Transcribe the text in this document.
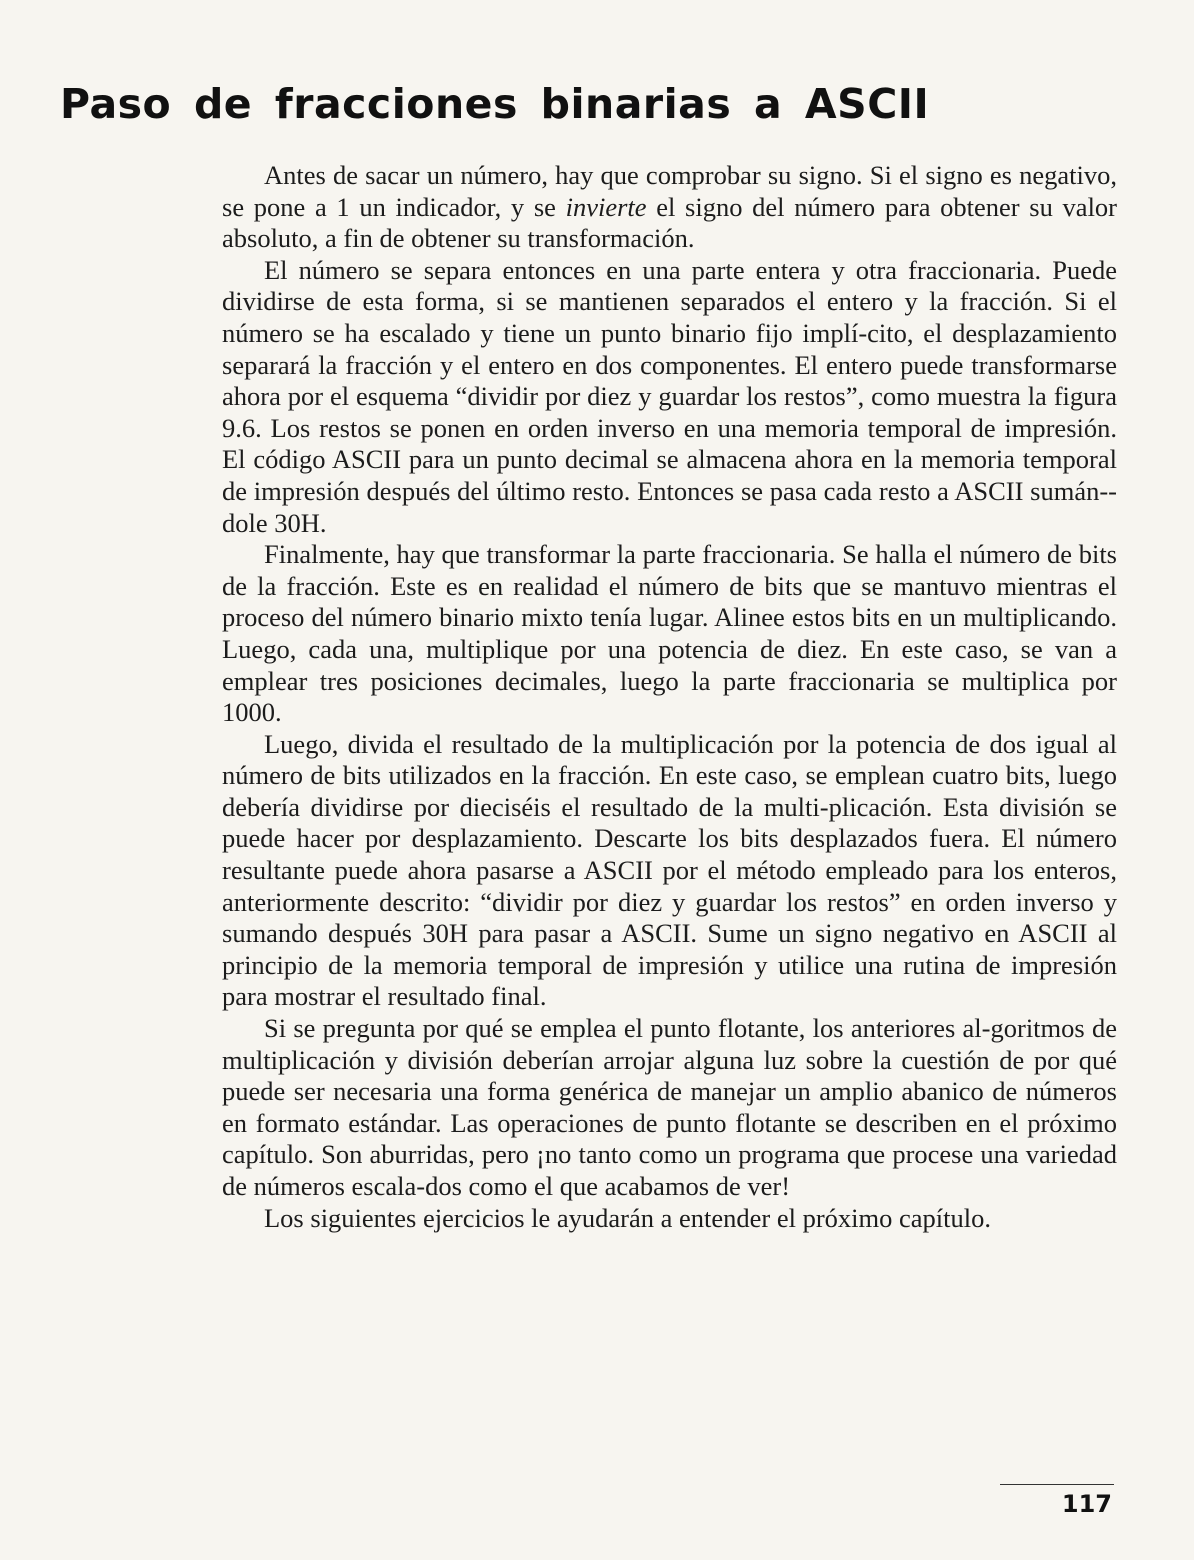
Paso de fracciones binarias a ASCII

Antes de sacar un número, hay que comprobar su signo. Si el signo es negativo, se pone a 1 un indicador, y se invierte el signo del número para obtener su valor absoluto, a fin de obtener su transformación.

El número se separa entonces en una parte entera y otra fraccionaria. Puede dividirse de esta forma, si se mantienen separados el entero y la fracción. Si el número se ha escalado y tiene un punto binario fijo implí-cito, el desplazamiento separará la fracción y el entero en dos componentes. El entero puede transformarse ahora por el esquema “dividir por diez y guardar los restos”, como muestra la figura 9.6. Los restos se ponen en orden inverso en una memoria temporal de impresión. El código ASCII para un punto decimal se almacena ahora en la memoria temporal de impresión después del último resto. Entonces se pasa cada resto a ASCII sumán-dole 30H.

Finalmente, hay que transformar la parte fraccionaria. Se halla el número de bits de la fracción. Este es en realidad el número de bits que se mantuvo mientras el proceso del número binario mixto tenía lugar. Alinee estos bits en un multiplicando. Luego, cada una, multiplique por una potencia de diez. En este caso, se van a emplear tres posiciones decimales, luego la parte fraccionaria se multiplica por 1000.

Luego, divida el resultado de la multiplicación por la potencia de dos igual al número de bits utilizados en la fracción. En este caso, se emplean cuatro bits, luego debería dividirse por dieciséis el resultado de la multi-plicación. Esta división se puede hacer por desplazamiento. Descarte los bits desplazados fuera. El número resultante puede ahora pasarse a ASCII por el método empleado para los enteros, anteriormente descrito: “dividir por diez y guardar los restos” en orden inverso y sumando después 30H para pasar a ASCII. Sume un signo negativo en ASCII al principio de la memoria temporal de impresión y utilice una rutina de impresión para mostrar el resultado final.

Si se pregunta por qué se emplea el punto flotante, los anteriores al-goritmos de multiplicación y división deberían arrojar alguna luz sobre la cuestión de por qué puede ser necesaria una forma genérica de manejar un amplio abanico de números en formato estándar. Las operaciones de punto flotante se describen en el próximo capítulo. Son aburridas, pero ¡no tanto como un programa que procese una variedad de números escala-dos como el que acabamos de ver!

Los siguientes ejercicios le ayudarán a entender el próximo capítulo.

117
